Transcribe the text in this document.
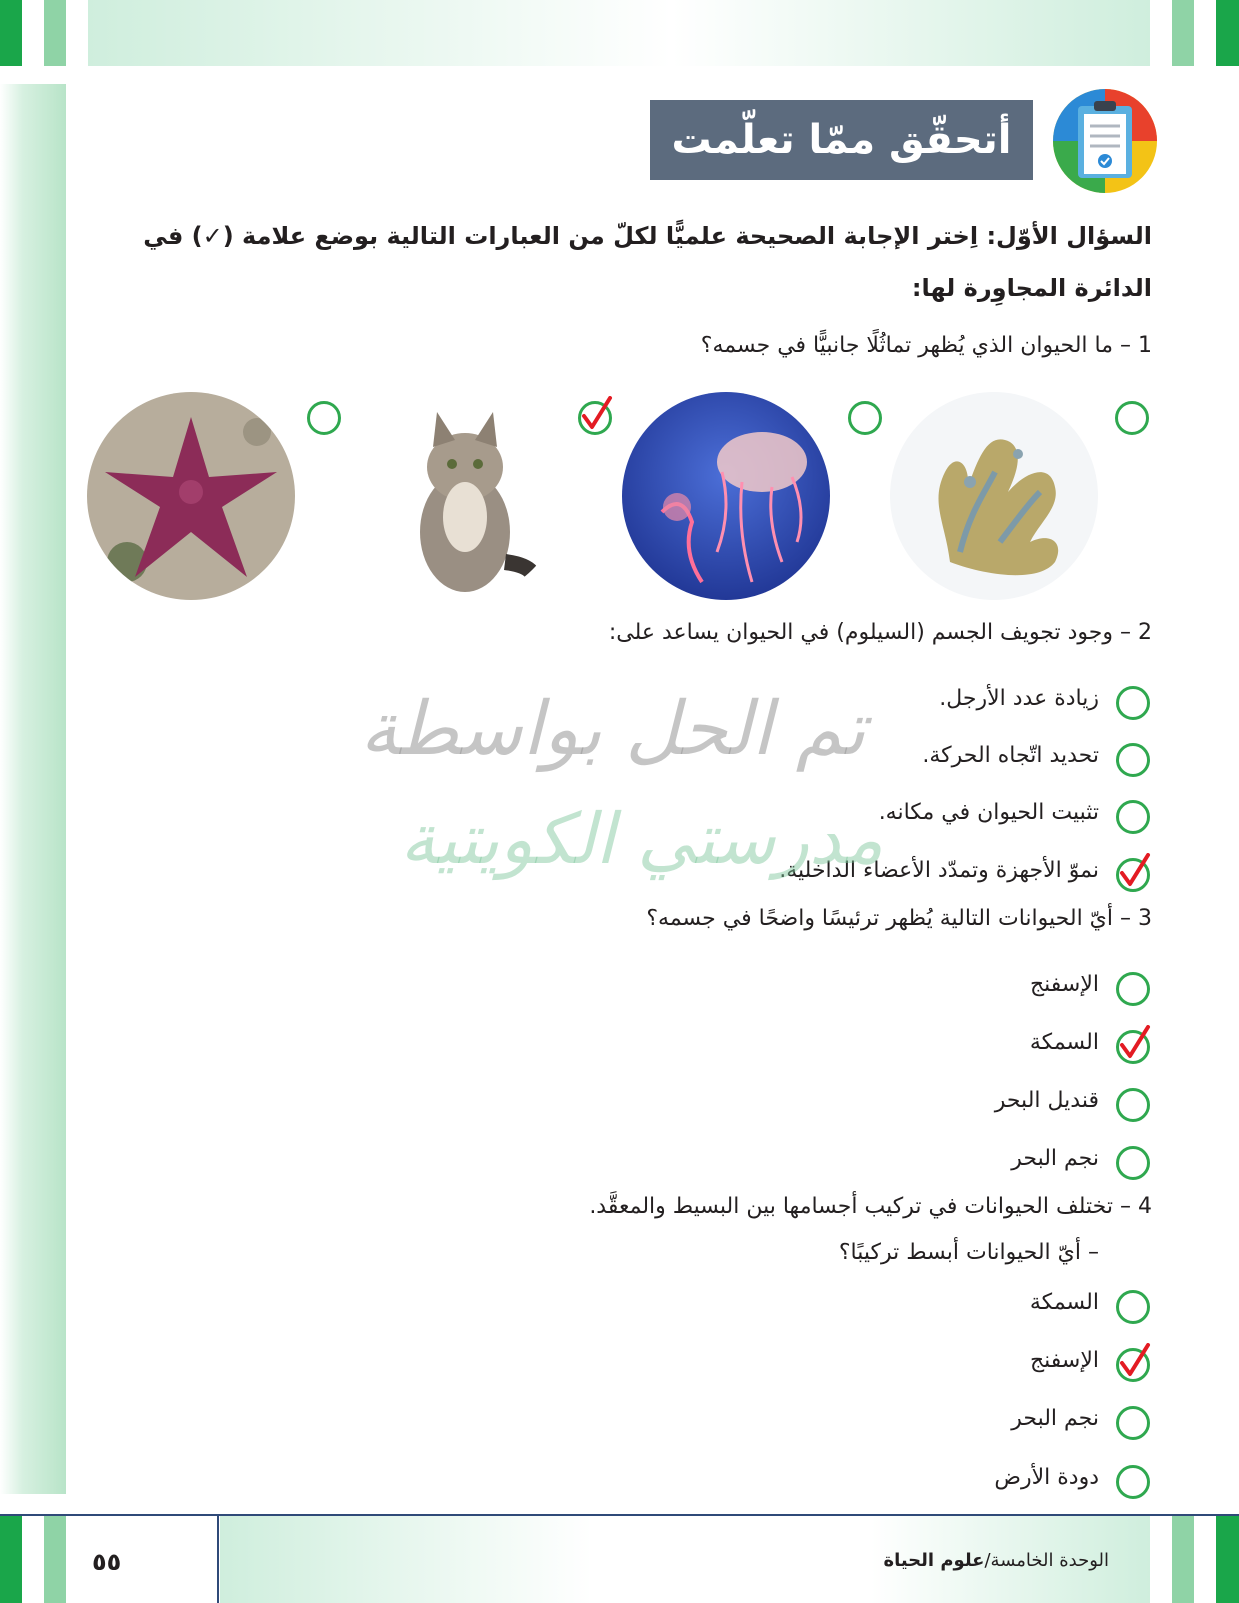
أتحقّق ممّا تعلّمت
السؤال الأوّل: اِختر الإجابة الصحيحة علميًّا لكلّ من العبارات التالية بوضع علامة (✓) في الدائرة المجاوِرة لها:
1 – ما الحيوان الذي يُظهر تماثُلًا جانبيًّا في جسمه؟
2 – وجود تجويف الجسم (السيلوم) في الحيوان يساعد على:
زيادة عدد الأرجل.
تحديد اتّجاه الحركة.
تثبيت الحيوان في مكانه.
نموّ الأجهزة وتمدّد الأعضاء الداخلية.
3 – أيّ الحيوانات التالية يُظهر ترئيسًا واضحًا في جسمه؟
الإسفنج
السمكة
قنديل البحر
نجم البحر
4 – تختلف الحيوانات في تركيب أجسامها بين البسيط والمعقَّد.
– أيّ الحيوانات أبسط تركيبًا؟
السمكة
الإسفنج
نجم البحر
دودة الأرض
تم الحل بواسطة
مدرستي الكويتية
٥٥	الوحدة الخامسة/علوم الحياة
